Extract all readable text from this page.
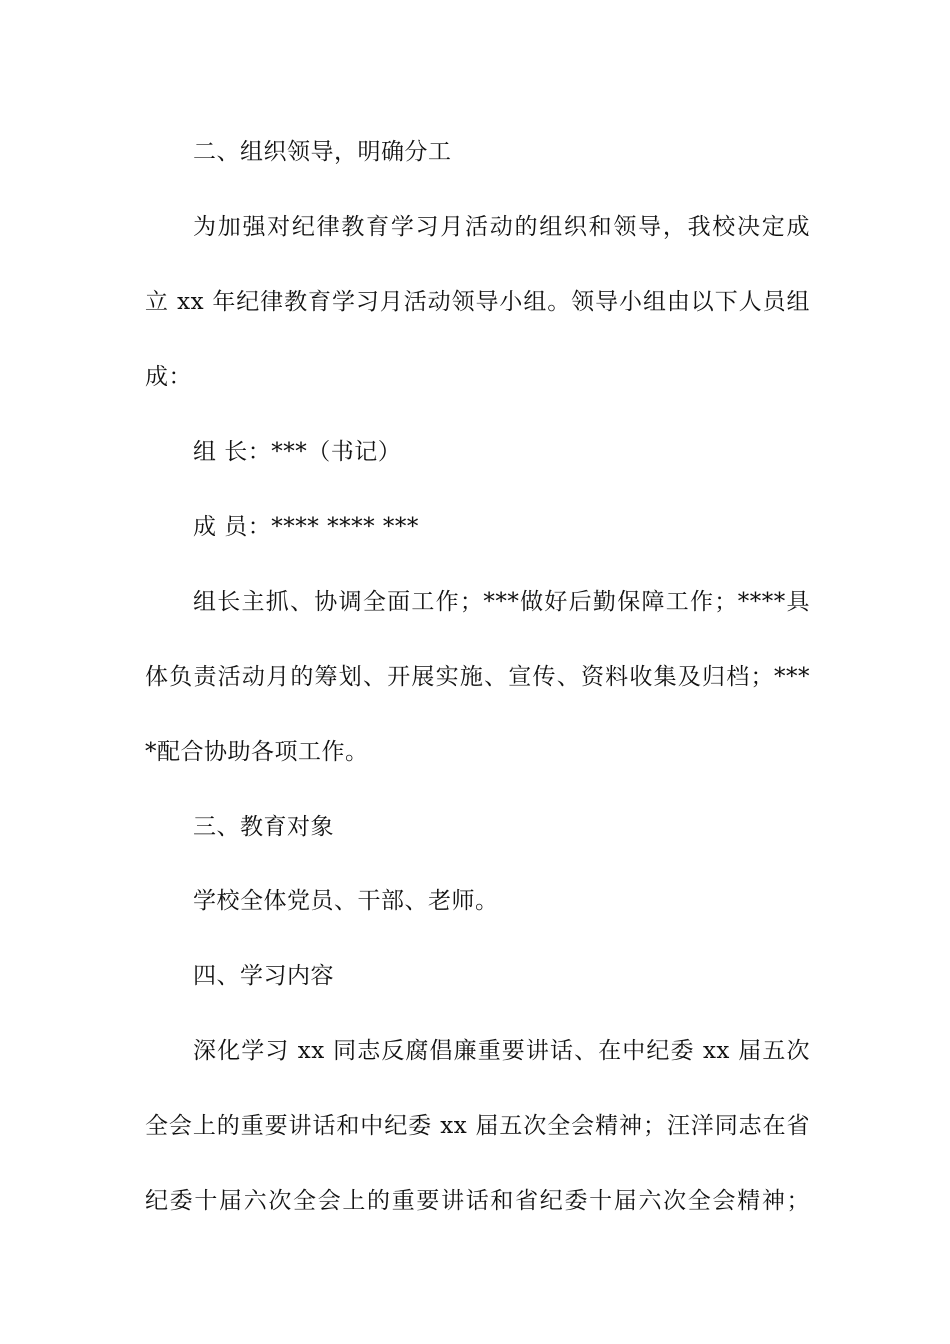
二、组织领导，明确分工

为加强对纪律教育学习月活动的组织和领导，我校决定成

立 xx 年纪律教育学习月活动领导小组。领导小组由以下人员组

成：

组 长：***（书记）

成 员：**** **** ***

组长主抓、协调全面工作；***做好后勤保障工作；****具

体负责活动月的筹划、开展实施、宣传、资料收集及归档；***

*配合协助各项工作。

三、教育对象

学校全体党员、干部、老师。

四、学习内容

深化学习 xx 同志反腐倡廉重要讲话、在中纪委 xx 届五次

全会上的重要讲话和中纪委 xx 届五次全会精神；汪洋同志在省

纪委十届六次全会上的重要讲话和省纪委十届六次全会精神；
